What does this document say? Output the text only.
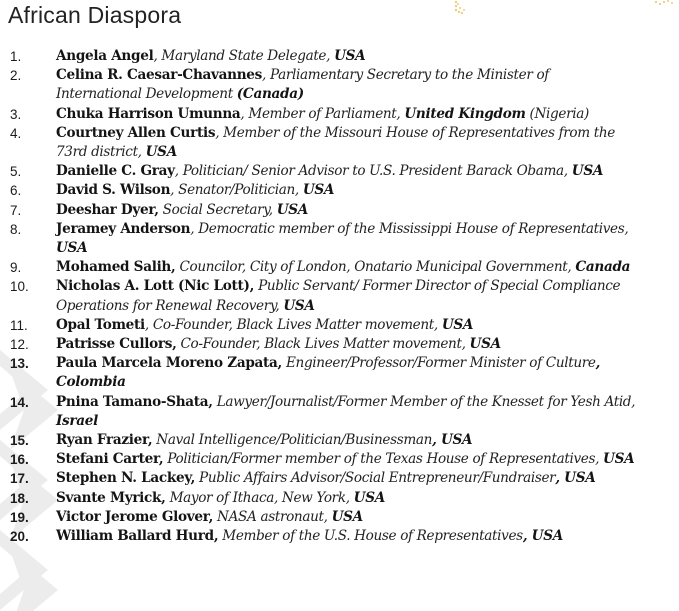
African Diaspora
1.	Angela Angel, Maryland State Delegate, USA
2.	Celina R. Caesar-Chavannes, Parliamentary Secretary to the Minister of International Development (Canada)
3.	Chuka Harrison Umunna, Member of Parliament, United Kingdom (Nigeria)
4.	Courtney Allen Curtis, Member of the Missouri House of Representatives from the 73rd district, USA
5.	Danielle C. Gray, Politician/ Senior Advisor to U.S. President Barack Obama, USA
6.	David S. Wilson, Senator/Politician, USA
7.	Deeshar Dyer, Social Secretary, USA
8.	Jeramey Anderson, Democratic member of the Mississippi House of Representatives, USA
9.	Mohamed Salih, Councilor, City of London, Onatario Municipal Government, Canada
10.	Nicholas A. Lott (Nic Lott), Public Servant/ Former Director of Special Compliance Operations for Renewal Recovery, USA
11.	Opal Tometi, Co-Founder, Black Lives Matter movement, USA
12.	Patrisse Cullors, Co-Founder, Black Lives Matter movement, USA
13.	Paula Marcela Moreno Zapata, Engineer/Professor/Former Minister of Culture, Colombia
14.	Pnina Tamano-Shata, Lawyer/Journalist/Former Member of the Knesset for Yesh Atid, Israel
15.	Ryan Frazier, Naval Intelligence/Politician/Businessman, USA
16.	Stefani Carter, Politician/Former member of the Texas House of Representatives, USA
17.	Stephen N. Lackey, Public Affairs Advisor/Social Entrepreneur/Fundraiser, USA
18.	Svante Myrick, Mayor of Ithaca, New York, USA
19.	Victor Jerome Glover, NASA astronaut, USA
20.	William Ballard Hurd, Member of the U.S. House of Representatives, USA
